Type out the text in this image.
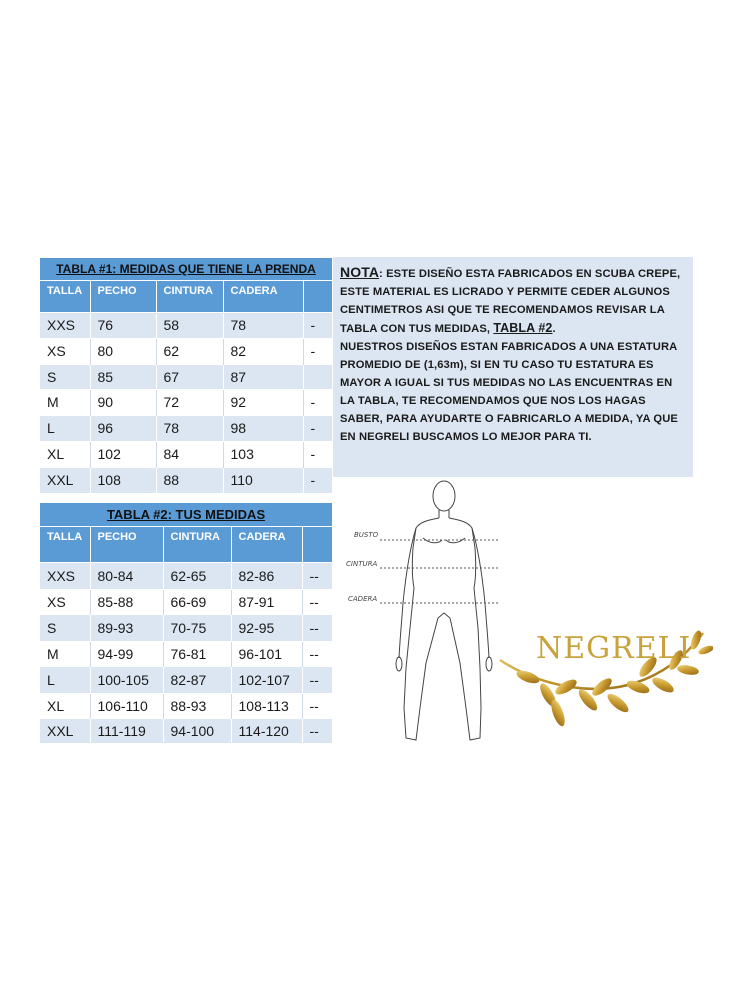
TABLA #1: MEDIDAS QUE TIENE LA PRENDA				
TALLA	PECHO	CINTURA	CADERA	
XXS	76	58	78	-
XS	80	62	82	-
S	85	67	87	
M	90	72	92	-
L	96	78	98	-
XL	102	84	103	-
XXL	108	88	110	-
TABLA #2: TUS MEDIDAS				
TALLA	PECHO	CINTURA	CADERA	
XXS	80-84	62-65	82-86	--
XS	85-88	66-69	87-91	--
S	89-93	70-75	92-95	--
M	94-99	76-81	96-101	--
L	100-105	82-87	102-107	--
XL	106-110	88-93	108-113	--
XXL	111-119	94-100	114-120	--
NOTA: ESTE DISEÑO ESTA FABRICADOS EN SCUBA CREPE, ESTE MATERIAL ES LICRADO Y PERMITE CEDER ALGUNOS CENTIMETROS ASI QUE TE RECOMENDAMOS REVISAR LA TABLA CON TUS MEDIDAS, TABLA #2.
NUESTROS DISEÑOS ESTAN FABRICADOS A UNA ESTATURA PROMEDIO DE (1,63m), SI EN TU CASO TU ESTATURA ES MAYOR A IGUAL SI TUS MEDIDAS NO LAS ENCUENTRAS EN LA TABLA, TE RECOMENDAMOS QUE NOS LOS HAGAS SABER, PARA AYUDARTE O FABRICARLO A MEDIDA, YA QUE EN NEGRELI BUSCAMOS LO MEJOR PARA TI.
BUSTO
CINTURA
CADERA
NEGRELI
